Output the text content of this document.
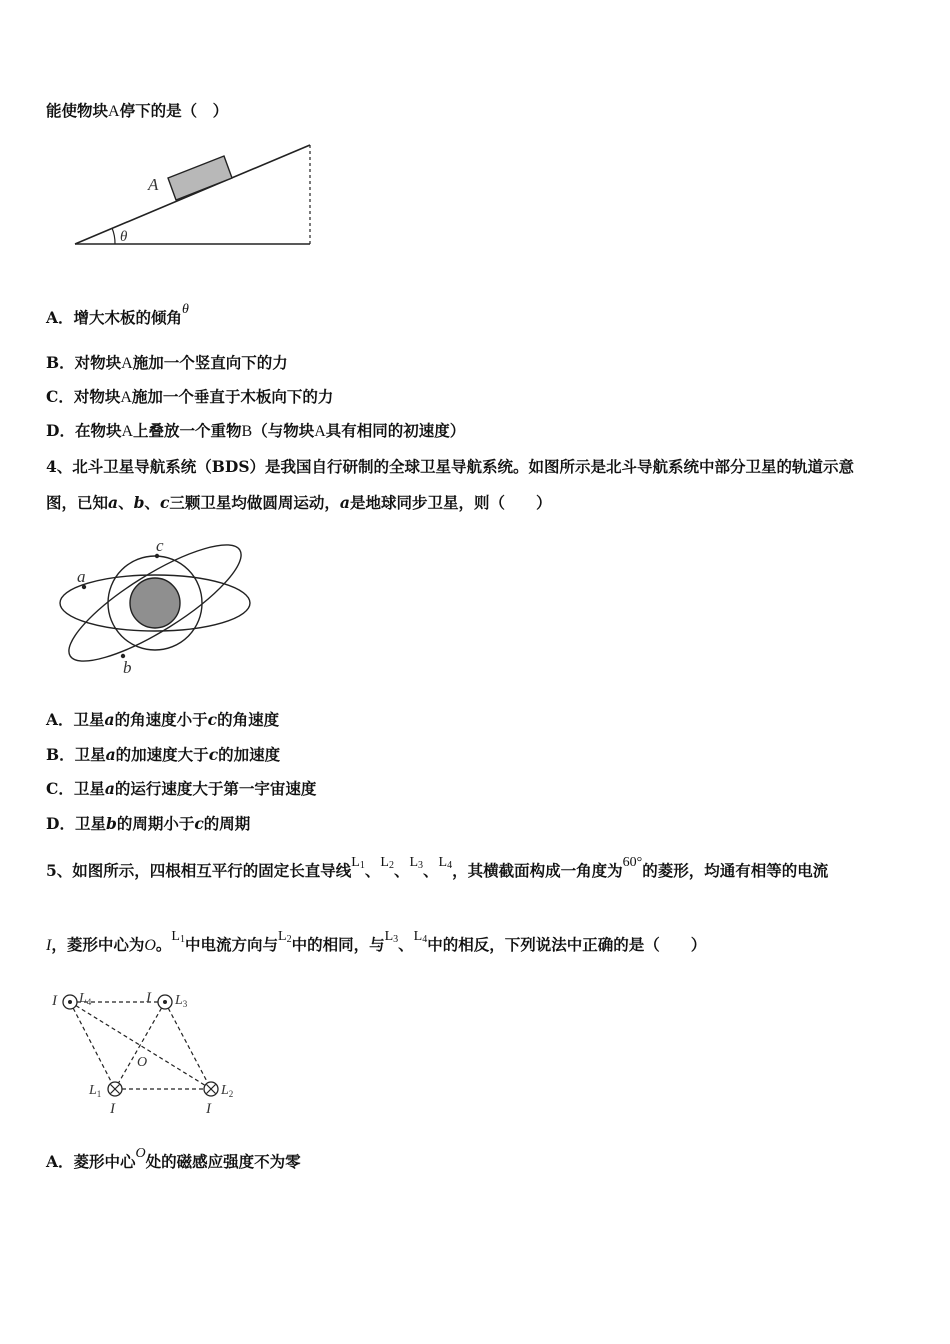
能使物块A停下的是（　）
A
θ
A．增大木板的倾角θ
B．对物块A施加一个竖直向下的力
C．对物块A施加一个垂直于木板向下的力
D．在物块A上叠放一个重物B（与物块A具有相同的初速度）
4、北斗卫星导航系统（BDS）是我国自行研制的全球卫星导航系统。如图所示是北斗导航系统中部分卫星的轨道示意
图，已知a、b、c三颗卫星均做圆周运动，a是地球同步卫星，则（　　）
a
b
c
A．卫星a的角速度小于c的角速度
B．卫星a的加速度大于c的加速度
C．卫星a的运行速度大于第一宇宙速度
D．卫星b的周期小于c的周期
5、如图所示，四根相互平行的固定长直导线$L_1$、$L_2$、$L_3$、$L_4$，其横截面构成一角度为60°的菱形，均通有相等的电流
I，菱形中心为O。$L_1$中电流方向与$L_2$中的相同，与$L_3$、$L_4$中的相反，下列说法中正确的是（　　）
I $L_4$	I $L_3$
O
$L_1$
I
$L_2$
I
A．菱形中心O处的磁感应强度不为零
